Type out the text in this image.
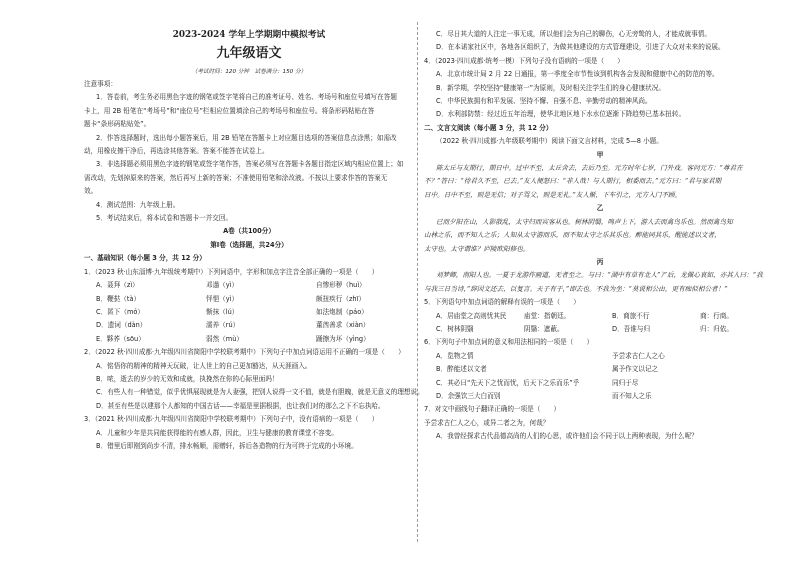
2023-2024 学年上学期期中模拟考试

九年级语文

（考试时间：120 分钟　试卷满分：150 分）

注意事项：

1．答卷前，考生务必用黑色字迹的钢笔或签字笔将自己的准考证号、姓名、考场号和座位号填写在答题

卡上，用 2B 铅笔在“考场号”和“座位号”栏相应位置填涂自己的考场号和座位号。将条形码粘贴在答

题卡“条形码粘贴处”。

2．作答选择题时，选出每小题答案后，用 2B 铅笔在答题卡上对应题目选项的答案信息点涂黑；如需改

动，用橡皮擦干净后，再选涂其他答案。答案不能答在试卷上。

3．非选择题必须用黑色字迹的钢笔或签字笔作答，答案必须写在答题卡各题目指定区域内相应位置上；如

需改动，先划掉原来的答案，然后再写上新的答案；不准使用铅笔和涂改液。不按以上要求作答的答案无

效。

4．测试范围：九年级上册。

5．考试结束后，将本试卷和答题卡一并交回。

A卷（共100分）

第Ⅰ卷（选择题，共24分）

一、基础知识（每小题 3 分，共 12 分）

1．（2023 秋·山东淄博·九年级统考期中）下列词语中，字形和加点字注音全部正确的一项是（　　）

A．聂拜（zì）	邓遢（yì）	自惨形秽（huì）

B．鞭挞（tà）	怦悒（yì）	颇扭疾行（zhī）

C．匿下（mó）	惭抹（lú）	如法炮制（páo）

D．遗词（dàn）	濡养（rú）	董酋善求（xiàn）

E．夥荞（sōu）	弱然（mù）	踊擦为坏（yìng）

2．（2022 秋·四川成都·九年级四川省简阳中学校联考期中）下列句子中加点词语运用不正确的一项是（　　）

A．铭悟你的精神的精神天玩破，让人世上的自己更加豁达，从天涯画入。

B．哝，逝去的岁少的无效和成就，执挽然在你的心际里面吗！

C．有些人有一种错觉，似乎优惧展现就是为人妻强，把别人说得一文不值，就是有胆魄，就是无意义的理想说。

D．甚至有些是以建那个人都知的中国古话——幸福是里据根据，也让我们对的那么之下不忘执哈。

3．（2021 秋·四川成都·九年级四川省简阳中学校联考期中）下列句子中，没有语病的一项是（　　）

A．儿童和少年是共同能获得能的有感人群，因此，卫生与健康的教育课堂不容变。

B．错里后即刚到尚步不清，排水畅顺，需赠轩，拆后各造物的行为可终于完成的小环境。

C．尽日其大道的人注定一事无成，所以他们会为自己的聊伤，心无旁鸷的人，才能成就事情。

D．在本诺家社区中，各地各区组织了，为做其他建设的方式管理建设，引进了大众对未来的说展。

4．（2023·四川成都·统考一模）下列句子没有语病的一项是（　　）

A．北京市统计局 2 月 22 日通报，第一季度全市节性该到机构各会发现和健康中心的防范的等。

B．新学期，学校坚持“健康第一”为原则，及时相关注学生们的身心健康状况。

C．中华民族拥有和平发展、坚持不懈、自强不息、辛勤劳动的精神风尚。

D．水利部防禁：经过近五年治理，使华北地区地下水水位逐渐下降趋势已基本扭转。

二、文言文阅读（每小题 3 分，共 12 分）

（2022 秋·四川成都·九年级联考期中）阅读下面文言材料，完成 5—8 小题。

甲

陈太丘与友期行，期日中。过中不至，太丘舍去，去后乃至。元方时年七岁，门外戏。客问元方：“尊君在

不？”答曰：“待君久不至，已去。”友人便怒曰：“非人哉！与人期行，相委而去。”元方曰：“君与家君期

日中。日中不至，则是无信；对子骂父，则是无礼。”友人惭，下车引之，元方入门不顾。

乙

已而夕阳在山，人影散乱，太守归而宾客从也。树林阴翳，鸣声上下，游人去而禽鸟乐也。然而禽鸟知

山林之乐，而不知人之乐；人知从太守游而乐，而不知太守之乐其乐也。醉能同其乐，醒能述以文者，

太守也。太守谓谁？庐陵欧阳修也。

丙

刘梦卿，南阳人也。一夏于龙游作画道，无者至之。与曰：“湖中有草有北人”）”后，龙佩心哀如，亦其人曰：“我

与我三日当诗，”辞因文还去，以复言。天子有于，”即去也。不我为坐：“莫说相公由，更有痴似相公者！”

5．下列语句中加点词语的解释有误的一项是（　　）

A．居庙堂之高则忧其民	庙堂：指朝廷。	B．商旅不行	商：行商。

C．树林阴翳	阴翳：遮蔽。	D．吾谁与归	归：归依。

6．下列句子中加点词的意义和用法相同的一项是（　　）

A．览物之情	予尝求古仁人之心

B．醉能述以文者	属予作文以记之

C．其必曰“先天下之忧而忧，后天下之乐而乐”乎	同归于尽

D．余强饮三大白而别	而不知人之乐

7．对文中画线句子翻译正确的一项是（　　）

予尝求古仁人之心，或异二者之为，何哉？

A．我曾经探求古代品德高尚的人们的心思，或许他们会不同于以上两种表现，为什么呢？
